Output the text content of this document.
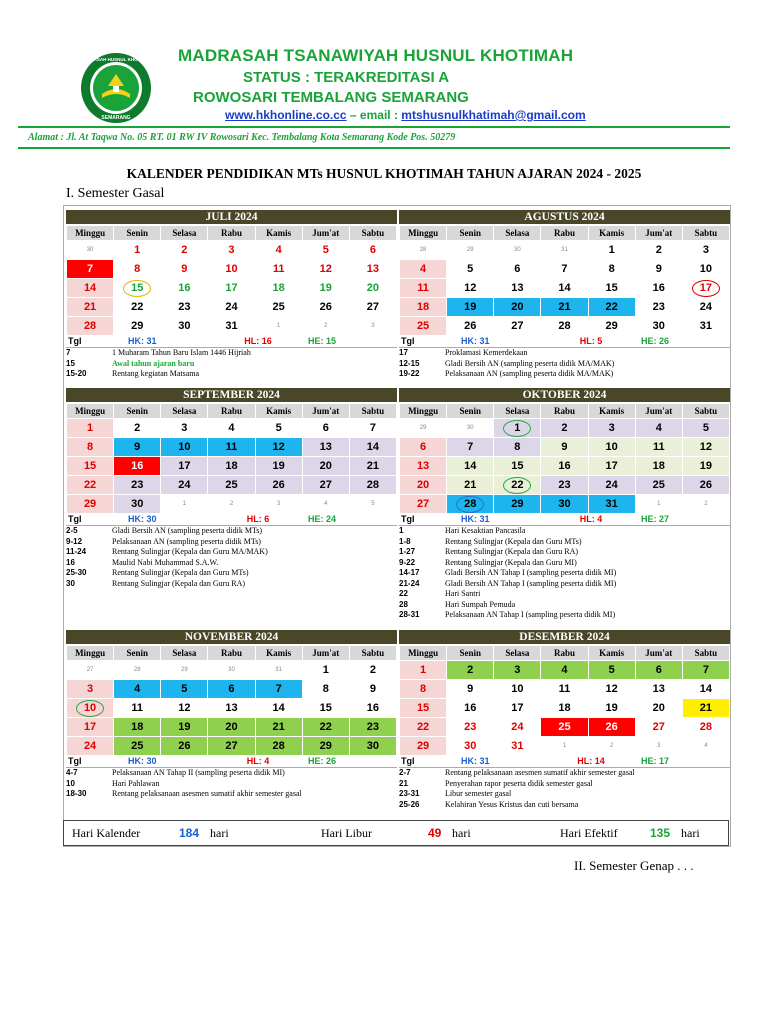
MADRASAH HUSNUL KHOTIMAH
SEMARANG
MADRASAH TSANAWIYAH HUSNUL KHOTIMAH
STATUS : TERAKREDITASI A
ROWOSARI TEMBALANG SEMARANG
www.hkhonline.co.cc – email : mtshusnulkhatimah@gmail.com
Alamat : Jl. At Taqwa No. 05 RT. 01 RW IV Rowosari Kec. Tembalang Kota Semarang Kode Pos. 50279
KALENDER PENDIDIKAN MTs HUSNUL KHOTIMAH TAHUN AJARAN 2024 - 2025
I. Semester Gasal
JULI 2024
Minggu	Senin	Selasa	Rabu	Kamis	Jum'at	Sabtu
30	1	2	3	4	5	6
7	8	9	10	11	12	13
14	15	16	17	18	19	20
21	22	23	24	25	26	27
28	29	30	31	1	2	3
Tgl	HK: 31	HL: 16	HE: 15
7	1 Muharam Tahun Baru Islam 1446 Hijriah
15	Awal tahun ajaran baru
15-20	Rentang kegiatan Matsama
AGUSTUS 2024
Minggu	Senin	Selasa	Rabu	Kamis	Jum'at	Sabtu
28	29	30	31	1	2	3
4	5	6	7	8	9	10
11	12	13	14	15	16	17
18	19	20	21	22	23	24
25	26	27	28	29	30	31
Tgl	HK: 31	HL: 5	HE: 26
17	Proklamasi Kemerdekaan
12-15	Gladi Bersih AN (sampling peserta didik MA/MAK)
19-22	Pelaksanaan AN (sampling peserta didik MA/MAK)
SEPTEMBER 2024
Minggu	Senin	Selasa	Rabu	Kamis	Jum'at	Sabtu
1	2	3	4	5	6	7
8	9	10	11	12	13	14
15	16	17	18	19	20	21
22	23	24	25	26	27	28
29	30	1	2	3	4	5
Tgl	HK: 30	HL: 6	HE: 24
2-5	Gladi Bersih AN (sampling peserta didik MTs)
9-12	Pelaksanaan AN (sampling peserta didik MTs)
11-24	Rentang Sulingjar (Kepala dan Guru MA/MAK)
16	Maulid Nabi Muhammad S.A.W.
25-30	Rentang Sulingjar (Kepala dan Guru MTs)
30	Rentang Sulingjar (Kepala dan Guru RA)
OKTOBER 2024
Minggu	Senin	Selasa	Rabu	Kamis	Jum'at	Sabtu
29	30	1	2	3	4	5
6	7	8	9	10	11	12
13	14	15	16	17	18	19
20	21	22	23	24	25	26
27	28	29	30	31	1	2
Tgl	HK: 31	HL: 4	HE: 27
1	Hari Kesaktian Pancasila
1-8	Rentang Sulingjar (Kepala dan Guru MTs)
1-27	Rentang Sulingjar (Kepala dan Guru RA)
9-22	Rentang Sulingjar (Kepala dan Guru MI)
14-17	Gladi Bersih AN Tahap I (sampling peserta didik MI)
21-24	Gladi Bersih AN Tahap I (sampling peserta didik MI)
22	Hari Santri
28	Hari Sumpah Pemuda
28-31	Pelaksanaan AN Tahap I (sampling peserta didik MI)
NOVEMBER 2024
Minggu	Senin	Selasa	Rabu	Kamis	Jum'at	Sabtu
27	28	29	30	31	1	2
3	4	5	6	7	8	9
10	11	12	13	14	15	16
17	18	19	20	21	22	23
24	25	26	27	28	29	30
Tgl	HK: 30	HL: 4	HE: 26
4-7	Pelaksanaan AN Tahap II (sampling peserta didik MI)
10	Hari Pahlawan
18-30	Rentang pelaksanaan asesmen sumatif akhir semester gasal
DESEMBER 2024
Minggu	Senin	Selasa	Rabu	Kamis	Jum'at	Sabtu
1	2	3	4	5	6	7
8	9	10	11	12	13	14
15	16	17	18	19	20	21
22	23	24	25	26	27	28
29	30	31	1	2	3	4
Tgl	HK: 31	HL: 14	HE: 17
2-7	Rentang pelaksanaan asesmen sumatif akhir semester gasal
21	Penyerahan rapor peserta didik semester gasal
23-31	Libur semester gasal
25-26	Kelahiran Yesus Kristus dan cuti bersama
Hari Kalender	184 hari	Hari Libur	49 hari	Hari Efektif	135 hari
II. Semester Genap . . .
